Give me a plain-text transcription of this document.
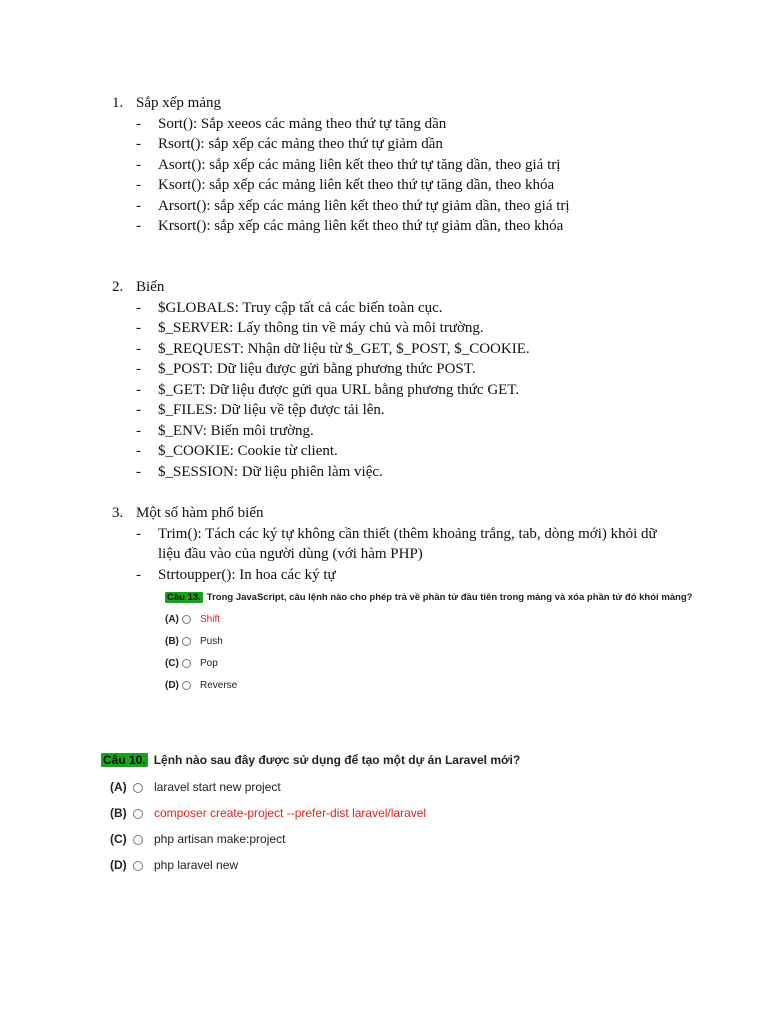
1. Sắp xếp mảng
- Sort(): Sắp xeeos các mảng theo thứ tự tăng dần
- Rsort(): sắp xếp các mảng theo thứ tự giảm dần
- Asort(): sắp xếp các mảng liên kết theo thứ tự tăng dần, theo giá trị
- Ksort(): sắp xếp các mảng liên kết theo thứ tự tăng dần, theo khóa
- Arsort(): sắp xếp các mảng liên kết theo thứ tự giảm dần, theo giá trị
- Krsort(): sắp xếp các mảng liên kết theo thứ tự giảm dần, theo khóa
2. Biến
- $GLOBALS: Truy cập tất cả các biến toàn cục.
- $_SERVER: Lấy thông tin về máy chủ và môi trường.
- $_REQUEST: Nhận dữ liệu từ $_GET, $_POST, $_COOKIE.
- $_POST: Dữ liệu được gửi bằng phương thức POST.
- $_GET: Dữ liệu được gửi qua URL bằng phương thức GET.
- $_FILES: Dữ liệu về tệp được tải lên.
- $_ENV: Biến môi trường.
- $_COOKIE: Cookie từ client.
- $_SESSION: Dữ liệu phiên làm việc.
3. Một số hàm phổ biến
- Trim(): Tách các ký tự không cần thiết (thêm khoảng trắng, tab, dòng mới) khỏi dữ liệu đầu vào của người dùng (với hàm PHP)
- Strtoupper(): In hoa các ký tự
Câu 13. Trong JavaScript, câu lệnh nào cho phép trả về phần tử đầu tiên trong mảng và xóa phần tử đó khỏi mảng?
(A) Shift
(B) Push
(C) Pop
(D) Reverse
Câu 10. Lệnh nào sau đây được sử dụng để tạo một dự án Laravel mới?
(A) laravel start new project
(B) composer create-project --prefer-dist laravel/laravel
(C) php artisan make:project
(D) php laravel new
